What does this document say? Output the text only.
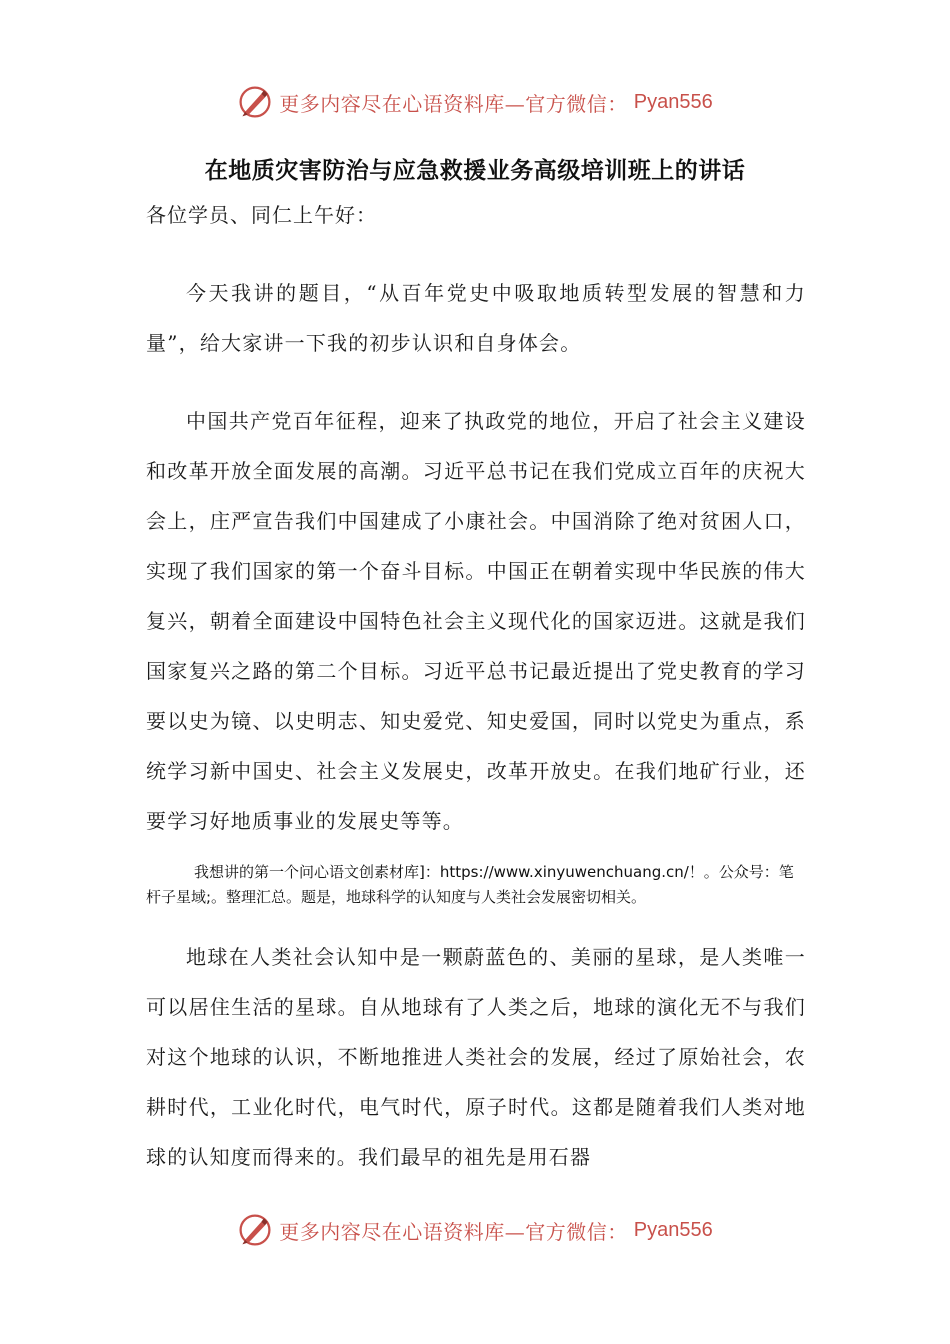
更多内容尽在心语资料库—官方微信： Pyan556
在地质灾害防治与应急救援业务高级培训班上的讲话

各位学员、同仁上午好：

今天我讲的题目，“从百年党史中吸取地质转型发展的智慧和力量”，给大家讲一下我的初步认识和自身体会。

中国共产党百年征程，迎来了执政党的地位，开启了社会主义建设和改革开放全面发展的高潮。习近平总书记在我们党成立百年的庆祝大会上，庄严宣告我们中国建成了小康社会。中国消除了绝对贫困人口，实现了我们国家的第一个奋斗目标。中国正在朝着实现中华民族的伟大复兴，朝着全面建设中国特色社会主义现代化的国家迈进。这就是我们国家复兴之路的第二个目标。习近平总书记最近提出了党史教育的学习要以史为镜、以史明志、知史爱党、知史爱国，同时以党史为重点，系统学习新中国史、社会主义发展史，改革开放史。在我们地矿行业，还要学习好地质事业的发展史等等。

我想讲的第一个问心语文创素材库]：https://www.xinyuwenchuang.cn/！。公众号：笔杆子星域;。整理汇总。题是，地球科学的认知度与人类社会发展密切相关。

地球在人类社会认知中是一颗蔚蓝色的、美丽的星球，是人类唯一可以居住生活的星球。自从地球有了人类之后，地球的演化无不与我们对这个地球的认识，不断地推进人类社会的发展，经过了原始社会，农耕时代，工业化时代，电气时代，原子时代。这都是随着我们人类对地球的认知度而得来的。我们最早的祖先是用石器

更多内容尽在心语资料库—官方微信： Pyan556
